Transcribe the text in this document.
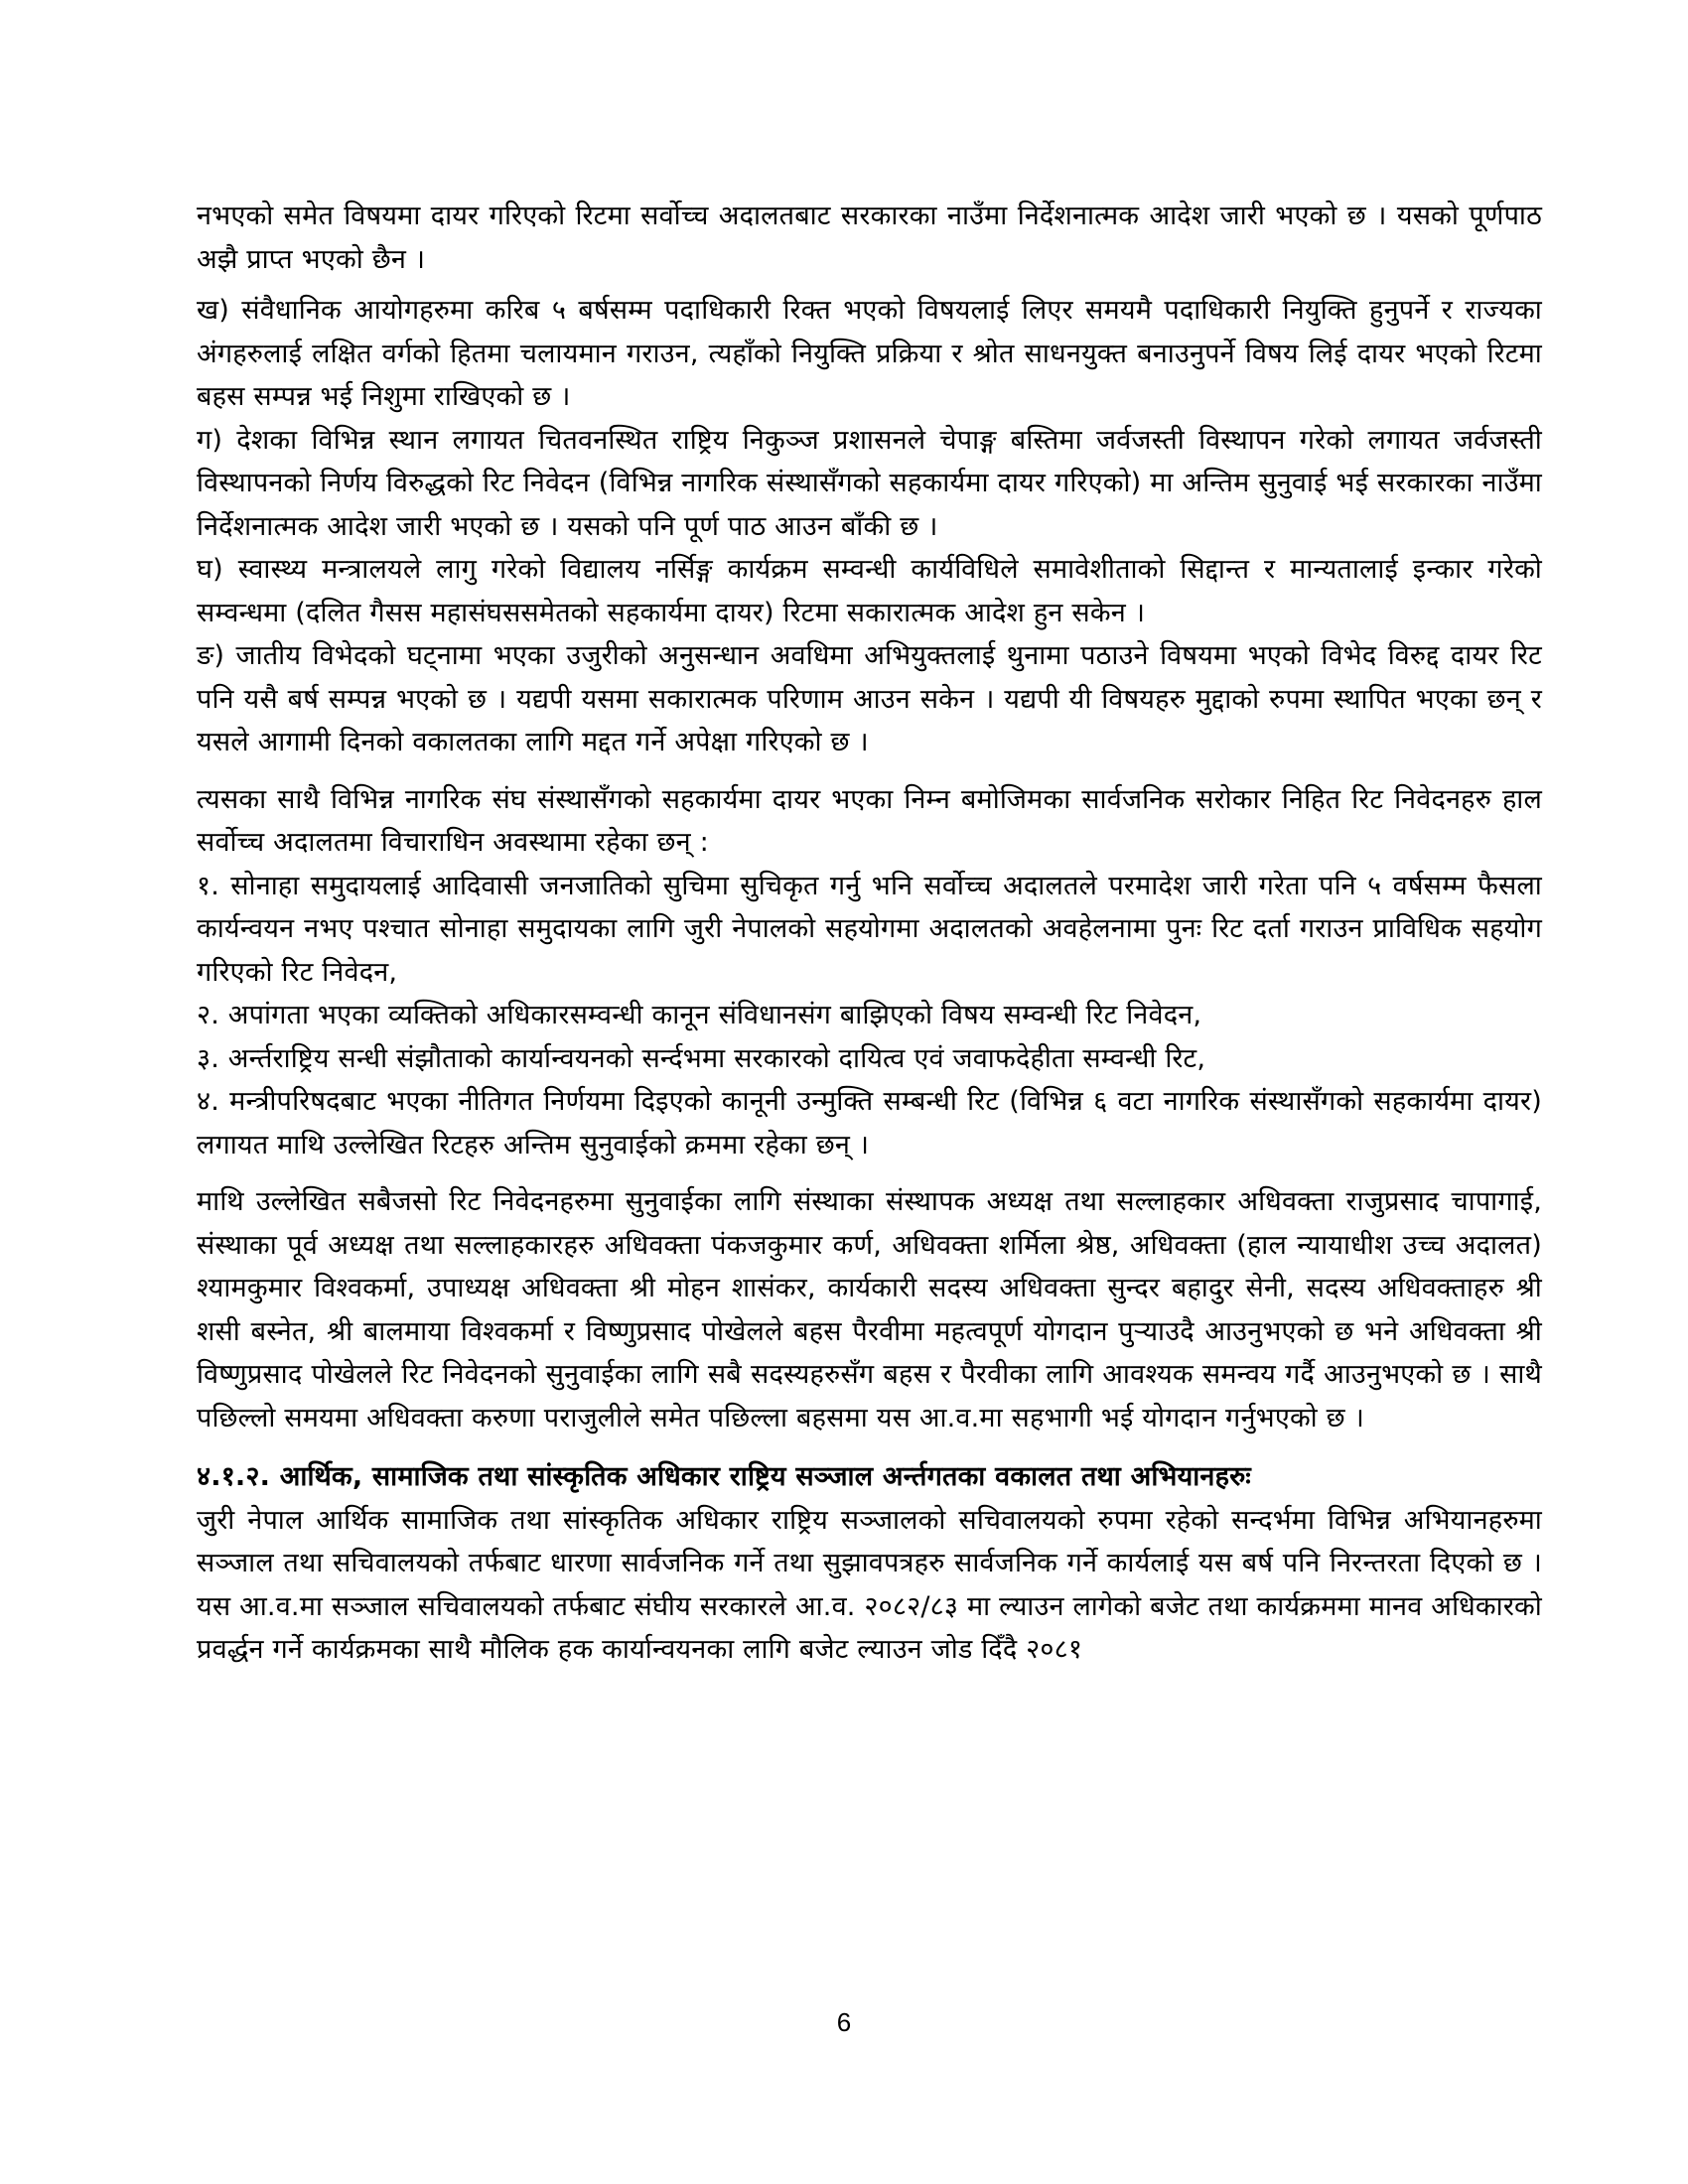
नभएको समेत विषयमा दायर गरिएको रिटमा सर्वोच्च अदालतबाट सरकारका नाउँमा निर्देशनात्मक आदेश जारी भएको छ । यसको पूर्णपाठ अझै प्राप्त भएको छैन ।

ख) संवैधानिक आयोगहरुमा करिब ५ बर्षसम्म पदाधिकारी रिक्त भएको विषयलाई लिएर समयमै पदाधिकारी नियुक्ति हुनुपर्ने र राज्यका अंगहरुलाई लक्षित वर्गको हितमा चलायमान गराउन, त्यहाँको नियुक्ति प्रक्रिया र श्रोत साधनयुक्त बनाउनुपर्ने विषय लिई दायर भएको रिटमा बहस सम्पन्न भई निशुमा राखिएको छ ।

ग) देशका विभिन्न स्थान लगायत चितवनस्थित राष्ट्रिय निकुञ्ज प्रशासनले चेपाङ्ग बस्तिमा जर्वजस्ती विस्थापन गरेको लगायत जर्वजस्ती विस्थापनको निर्णय विरुद्धको रिट निवेदन (विभिन्न नागरिक संस्थासँगको सहकार्यमा दायर गरिएको) मा अन्तिम सुनुवाई भई सरकारका नाउँमा निर्देशनात्मक आदेश जारी भएको छ । यसको पनि पूर्ण पाठ आउन बाँकी छ ।

घ) स्वास्थ्य मन्त्रालयले लागु गरेको विद्यालय नर्सिङ्ग कार्यक्रम सम्वन्धी कार्यविधिले समावेशीताको सिद्दान्त र मान्यतालाई इन्कार गरेको सम्वन्धमा (दलित गैसस महासंघससमेतको सहकार्यमा दायर) रिटमा सकारात्मक आदेश हुन सकेन ।

ङ) जातीय विभेदको घट्नामा भएका उजुरीको अनुसन्धान अवधिमा अभियुक्तलाई थुनामा पठाउने विषयमा भएको विभेद विरुद्द दायर रिट पनि यसै बर्ष सम्पन्न भएको छ । यद्यपी यसमा सकारात्मक परिणाम आउन सकेन । यद्यपी यी विषयहरु मुद्दाको रुपमा स्थापित भएका छन् र यसले आगामी दिनको वकालतका लागि मद्दत गर्ने अपेक्षा गरिएको छ ।

त्यसका साथै विभिन्न नागरिक संघ संस्थासँगको सहकार्यमा दायर भएका निम्न बमोजिमका सार्वजनिक सरोकार निहित रिट निवेदनहरु हाल सर्वोच्च अदालतमा विचाराधिन अवस्थामा रहेका छन् :

१. सोनाहा समुदायलाई आदिवासी जनजातिको सुचिमा सुचिकृत गर्नु भनि सर्वोच्च अदालतले परमादेश जारी गरेता पनि ५ वर्षसम्म फैसला कार्यन्वयन नभए पश्चात सोनाहा समुदायका लागि जुरी नेपालको सहयोगमा अदालतको अवहेलनामा पुनः रिट दर्ता गराउन प्राविधिक सहयोग गरिएको रिट निवेदन,

२. अपांगता भएका व्यक्तिको अधिकारसम्वन्धी कानून संविधानसंग बाझिएको विषय सम्वन्धी रिट निवेदन,

३. अर्न्तराष्ट्रिय सन्धी संझौताको कार्यान्वयनको सर्न्दभमा सरकारको दायित्व एवं जवाफदेहीता सम्वन्धी रिट,

४. मन्त्रीपरिषदबाट भएका नीतिगत निर्णयमा दिइएको कानूनी उन्मुक्ति सम्बन्धी रिट (विभिन्न ६ वटा नागरिक संस्थासँगको सहकार्यमा दायर) लगायत माथि उल्लेखित रिटहरु अन्तिम सुनुवाईको क्रममा रहेका छन् ।

माथि उल्लेखित सबैजसो रिट निवेदनहरुमा सुनुवाईका लागि संस्थाका संस्थापक अध्यक्ष तथा सल्लाहकार अधिवक्ता राजुप्रसाद चापागाई, संस्थाका पूर्व अध्यक्ष तथा सल्लाहकारहरु अधिवक्ता पंकजकुमार कर्ण, अधिवक्ता शर्मिला श्रेष्ठ, अधिवक्ता (हाल न्यायाधीश उच्च अदालत) श्यामकुमार विश्वकर्मा, उपाध्यक्ष अधिवक्ता श्री मोहन शासंकर, कार्यकारी सदस्य अधिवक्ता सुन्दर बहादुर सेनी, सदस्य अधिवक्ताहरु श्री शसी बस्नेत, श्री बालमाया विश्वकर्मा र विष्णुप्रसाद पोखेलले बहस पैरवीमा महत्वपूर्ण योगदान पुर्‍याउदै आउनुभएको छ भने अधिवक्ता श्री विष्णुप्रसाद पोखेलले रिट निवेदनको सुनुवाईका लागि सबै सदस्यहरुसँग बहस र पैरवीका लागि आवश्यक समन्वय गर्दै आउनुभएको छ । साथै पछिल्लो समयमा अधिवक्ता करुणा पराजुलीले समेत पछिल्ला बहसमा यस आ.व.मा सहभागी भई योगदान गर्नुभएको छ ।

४.१.२. आर्थिक, सामाजिक तथा सांस्कृतिक अधिकार राष्ट्रिय सञ्जाल अर्न्तगतका वकालत तथा अभियानहरुः

जुरी नेपाल आर्थिक सामाजिक तथा सांस्कृतिक अधिकार राष्ट्रिय सञ्जालको सचिवालयको रुपमा रहेको सन्दर्भमा विभिन्न अभियानहरुमा सञ्जाल तथा सचिवालयको तर्फबाट धारणा सार्वजनिक गर्ने तथा सुझावपत्रहरु सार्वजनिक गर्ने कार्यलाई यस बर्ष पनि निरन्तरता दिएको छ । यस आ.व.मा सञ्जाल सचिवालयको तर्फबाट संघीय सरकारले आ.व. २०८२/८३ मा ल्याउन लागेको बजेट तथा कार्यक्रममा मानव अधिकारको प्रवर्द्धन गर्ने कार्यक्रमका साथै मौलिक हक कार्यान्वयनका लागि बजेट ल्याउन जोड दिँदै २०८१

6
